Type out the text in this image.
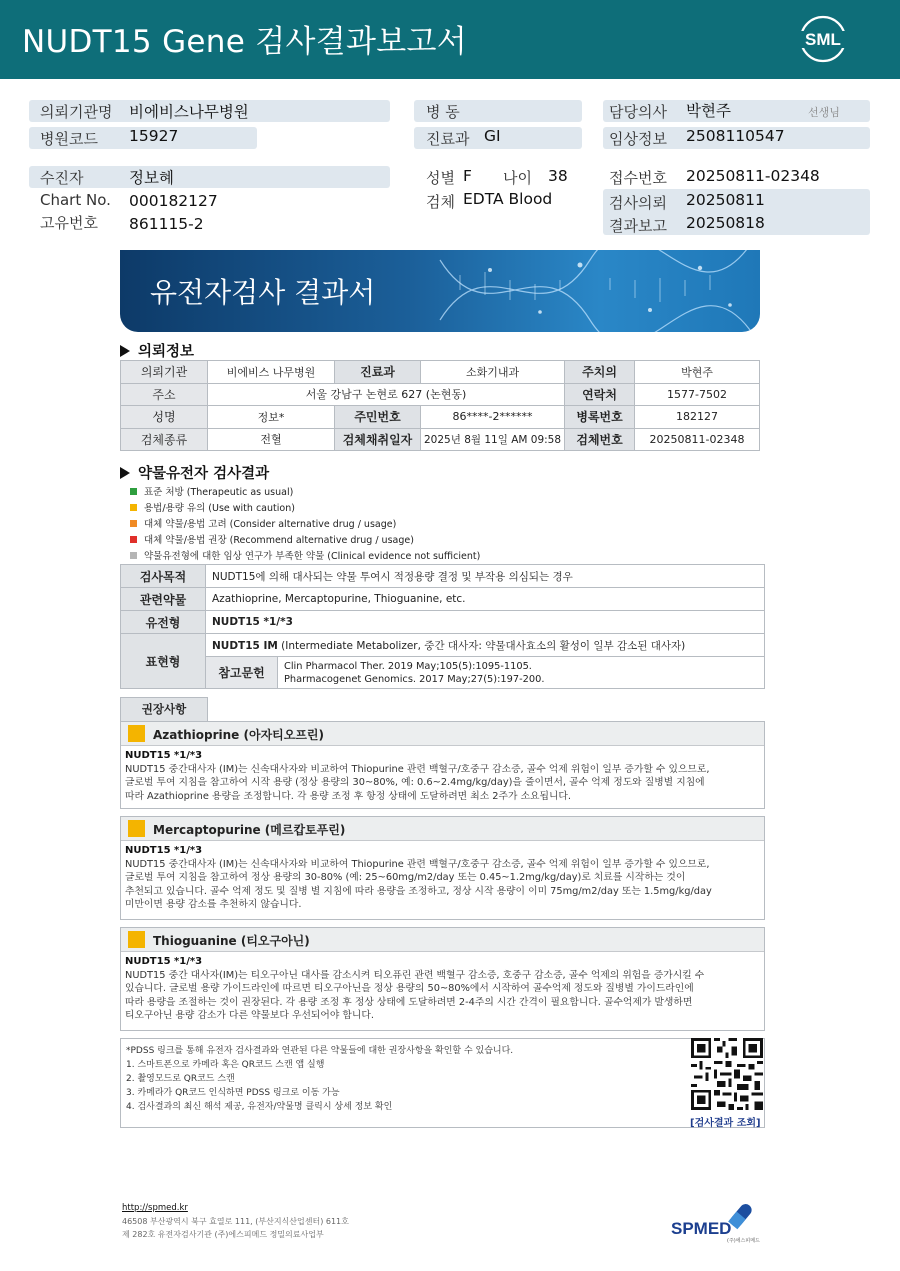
NUDT15 Gene 검사결과보고서	SML
의뢰기관명 비에비스나무병원
병원코드 15927
병 동
진료과 GI
담당의사 박현주	선생님
임상정보 2508110547
수진자	정보혜
Chart No. 000182127
고유번호 861115-2
성별 F 나이 38
검체 EDTA Blood
접수번호 20250811-02348
검사의뢰 20250811
결과보고 20250818
유전자검사 결과서
의뢰정보
의뢰기관	비에비스 나무병원	진료과	소화기내과	주치의	박현주
주소	서울 강남구 논현로 627 (논현동)			연락처	1577-7502
성명	정보*	주민번호	86****-2******	병록번호	182127
검체종류	전혈	검체채취일자	2025년 8월 11일 AM 09:58	검체번호	20250811-02348
약물유전자 검사결과
표준 처방 (Therapeutic as usual)
용법/용량 유의 (Use with caution)
대체 약물/용법 고려 (Consider alternative drug / usage)
대체 약물/용법 권장 (Recommend alternative drug / usage)
약물유전형에 대한 임상 연구가 부족한 약물 (Clinical evidence not sufficient)
검사목적	NUDT15에 의해 대사되는 약물 투여시 적정용량 결정 및 부작용 의심되는 경우	
관련약물	Azathioprine, Mercaptopurine, Thioguanine, etc.	
유전형	NUDT15 *1/*3	
표현형	NUDT15 IM (Intermediate Metabolizer, 중간 대사자: 약물대사효소의 활성이 일부 감소된 대사자)	
	참고문헌	Clin Pharmacol Ther. 2019 May;105(5):1095-1105.
Pharmacogenet Genomics. 2017 May;27(5):197-200.
권장사항
Azathioprine (아자티오프린)
NUDT15 *1/*3
NUDT15 중간대사자 (IM)는 신속대사자와 비교하여 Thiopurine 관련 백혈구/호중구 감소증, 골수 억제 위험이 일부 증가할 수 있으므로,
글로벌 투여 지침을 참고하여 시작 용량 (정상 용량의 30~80%, 예: 0.6~2.4mg/kg/day)을 줄이면서, 골수 억제 정도와 질병별 지침에
따라 Azathioprine 용량을 조정합니다. 각 용량 조정 후 항정 상태에 도달하려면 최소 2주가 소요됩니다.
Mercaptopurine (메르캅토푸린)
NUDT15 *1/*3
NUDT15 중간대사자 (IM)는 신속대사자와 비교하여 Thiopurine 관련 백혈구/호중구 감소증, 골수 억제 위험이 일부 증가할 수 있으므로,
글로벌 투여 지침을 참고하여 정상 용량의 30-80% (예: 25~60mg/m2/day 또는 0.45~1.2mg/kg/day)로 치료를 시작하는 것이
추천되고 있습니다. 골수 억제 정도 및 질병 별 지침에 따라 용량을 조정하고, 정상 시작 용량이 이미 75mg/m2/day 또는 1.5mg/kg/day
미만이면 용량 감소를 추천하지 않습니다.
Thioguanine (티오구아닌)
NUDT15 *1/*3
NUDT15 중간 대사자(IM)는 티오구아닌 대사를 감소시켜 티오퓨린 관련 백혈구 감소증, 호중구 감소증, 골수 억제의 위험을 증가시킬 수
있습니다. 글로벌 용량 가이드라인에 따르면 티오구아닌을 정상 용량의 50~80%에서 시작하여 골수억제 정도와 질병별 가이드라인에
따라 용량을 조절하는 것이 권장된다. 각 용량 조정 후 정상 상태에 도달하려면 2-4주의 시간 간격이 필요합니다. 골수억제가 발생하면
티오구아닌 용량 감소가 다른 약물보다 우선되어야 합니다.
*PDSS 링크를 통해 유전자 검사결과와 연관된 다른 약물들에 대한 권장사항을 확인할 수 있습니다.
1. 스마트폰으로 카메라 혹은 QR코드 스캔 앱 실행
2. 촬영모드로 QR코드 스캔
3. 카메라가 QR코드 인식하면 PDSS 링크로 이동 가능
4. 검사결과의 최신 해석 제공, 유전자/약물명 클릭시 상세 정보 확인
[검사결과 조회]
http://spmed.kr
46508 부산광역시 북구 효열로 111, (부산지식산업센터) 611호
제 282호 유전자검사기관 (주)에스피메드 정밀의료사업부	SPMED
(주)에스피메드
